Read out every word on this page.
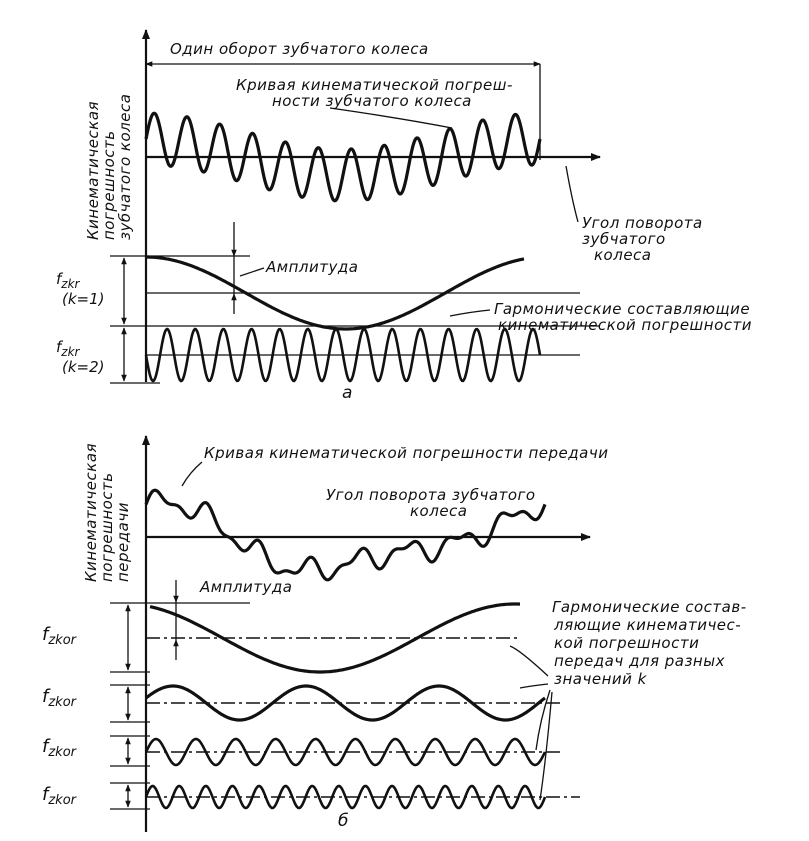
Один оборот зубчатого колеса
Кривая кинематической погреш-
ности зубчатого колеса
Кинематическая
погрешность
зубчатого колеса	Угол поворота
зубчатого
колеса
Амплитуда
$f_{zkr}$
(k=1)
Гармонические составляющие
кинематической погрешности
$f_{zkr}$
(k=2)
а
Кинематическая
погрешность
передачи
Кривая кинематической погрешности передачи
Угол поворота зубчатого
колеса
Амплитуда
fzkor
fzkor
fzkor
fzkor
Гармонические состав-
ляющие кинематичес-
кой погрешности
передач для разных
значений k
б
